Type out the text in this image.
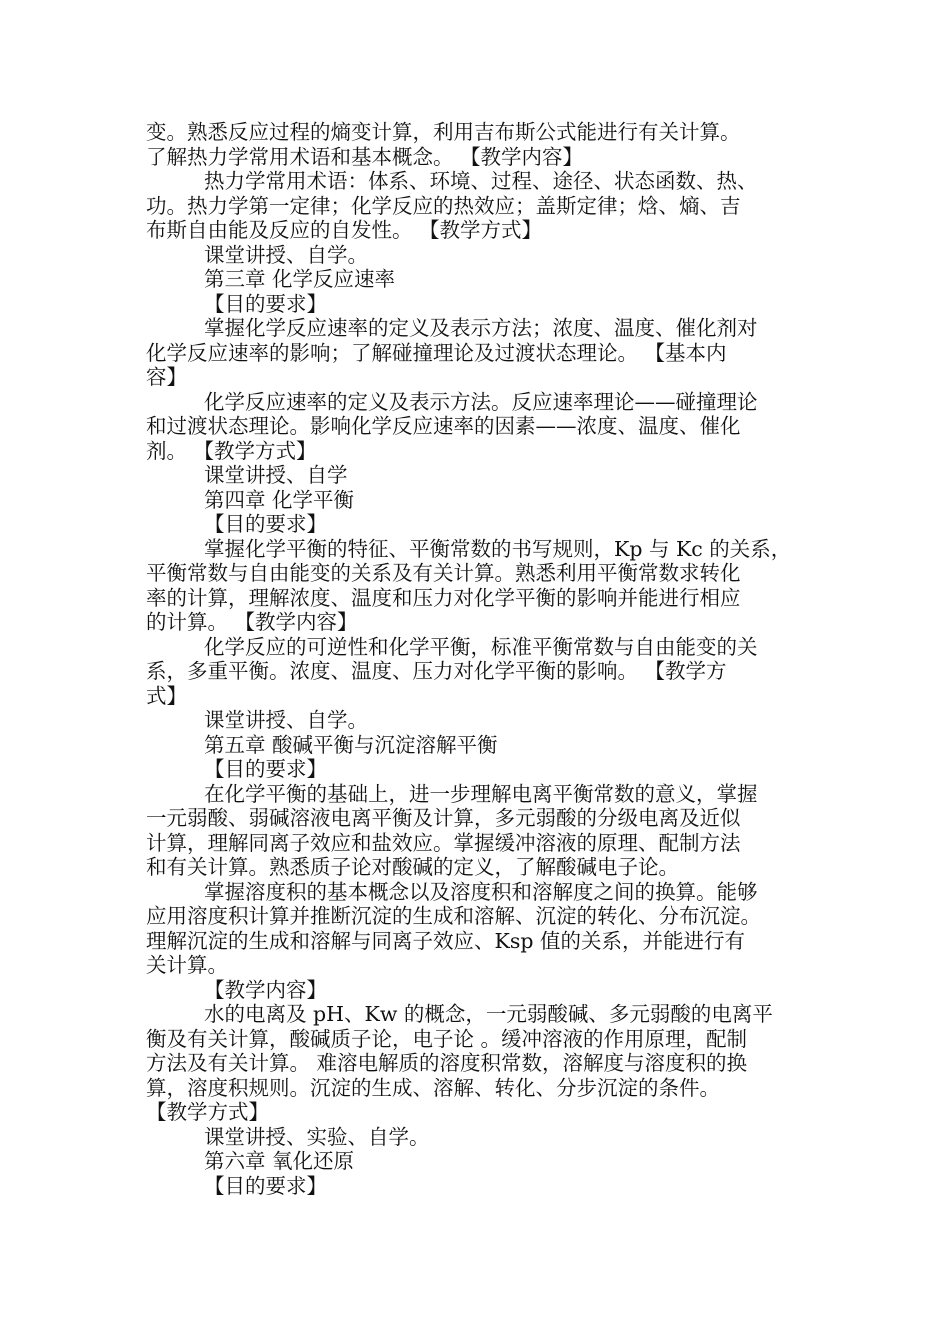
变。熟悉反应过程的熵变计算，利用吉布斯公式能进行有关计算。

了解热力学常用术语和基本概念。 【教学内容】

热力学常用术语：体系、环境、过程、途径、状态函数、热、

功。热力学第一定律；化学反应的热效应；盖斯定律；焓、熵、吉

布斯自由能及反应的自发性。 【教学方式】

课堂讲授、自学。

第三章 化学反应速率

【目的要求】

掌握化学反应速率的定义及表示方法；浓度、温度、催化剂对

化学反应速率的影响；了解碰撞理论及过渡状态理论。 【基本内

容】

化学反应速率的定义及表示方法。反应速率理论——碰撞理论

和过渡状态理论。影响化学反应速率的因素——浓度、温度、催化

剂。 【教学方式】

课堂讲授、自学

第四章 化学平衡

【目的要求】

掌握化学平衡的特征、平衡常数的书写规则，Kp 与 Kc 的关系，

平衡常数与自由能变的关系及有关计算。熟悉利用平衡常数求转化

率的计算，理解浓度、温度和压力对化学平衡的影响并能进行相应

的计算。 【教学内容】

化学反应的可逆性和化学平衡，标准平衡常数与自由能变的关

系，多重平衡。浓度、温度、压力对化学平衡的影响。 【教学方

式】

课堂讲授、自学。

第五章 酸碱平衡与沉淀溶解平衡

【目的要求】

在化学平衡的基础上，进一步理解电离平衡常数的意义，掌握

一元弱酸、弱碱溶液电离平衡及计算，多元弱酸的分级电离及近似

计算，理解同离子效应和盐效应。掌握缓冲溶液的原理、配制方法

和有关计算。熟悉质子论对酸碱的定义，了解酸碱电子论。

掌握溶度积的基本概念以及溶度积和溶解度之间的换算。能够

应用溶度积计算并推断沉淀的生成和溶解、沉淀的转化、分布沉淀。

理解沉淀的生成和溶解与同离子效应、Ksp 值的关系，并能进行有

关计算。

【教学内容】

水的电离及 pH、Kw 的概念，一元弱酸碱、多元弱酸的电离平

衡及有关计算，酸碱质子论，电子论 。缓冲溶液的作用原理，配制

方法及有关计算。 难溶电解质的溶度积常数，溶解度与溶度积的换

算，溶度积规则。沉淀的生成、溶解、转化、分步沉淀的条件。

【教学方式】

课堂讲授、实验、自学。

第六章 氧化还原

【目的要求】
